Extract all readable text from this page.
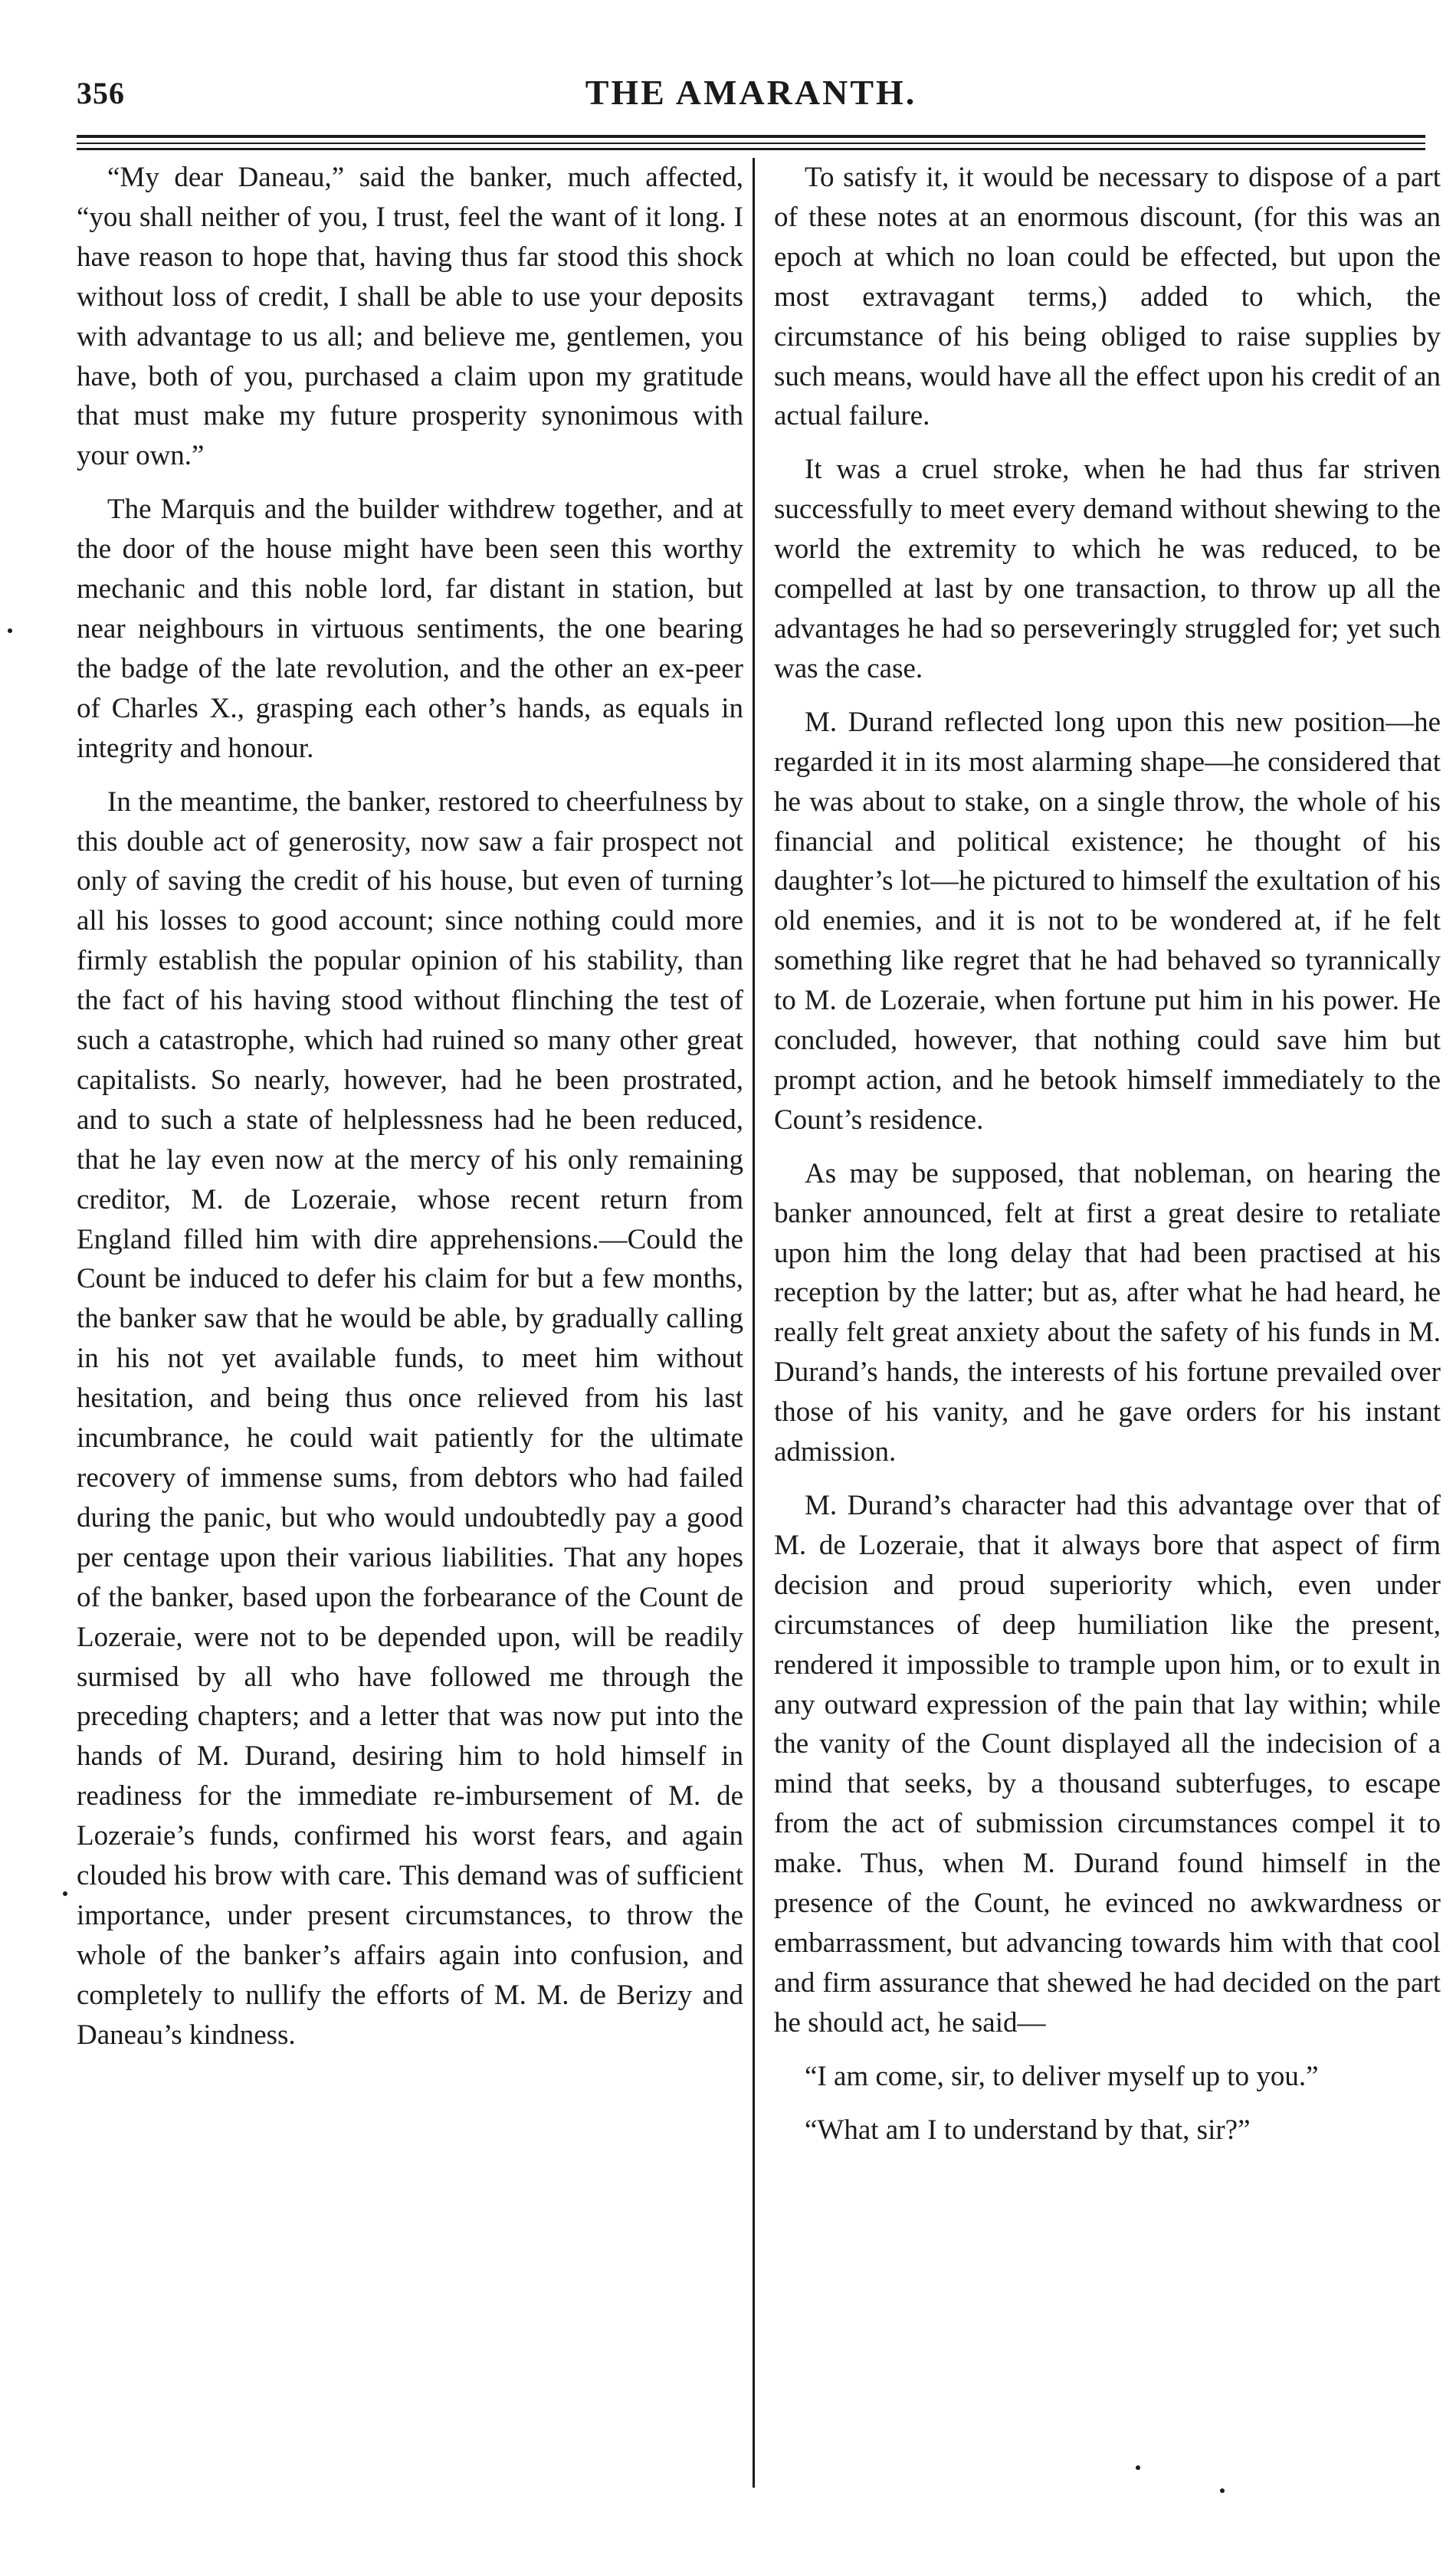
356	THE AMARANTH.

“My dear Daneau,” said the banker, much affected, “you shall neither of you, I trust, feel the want of it long. I have reason to hope that, having thus far stood this shock without loss of credit, I shall be able to use your deposits with advantage to us all; and believe me, gentlemen, you have, both of you, purchased a claim upon my gratitude that must make my future prosperity synonimous with your own.”

The Marquis and the builder withdrew together, and at the door of the house might have been seen this worthy mechanic and this noble lord, far distant in station, but near neighbours in virtuous sentiments, the one bearing the badge of the late revolution, and the other an ex-peer of Charles X., grasping each other’s hands, as equals in integrity and honour.

In the meantime, the banker, restored to cheerfulness by this double act of generosity, now saw a fair prospect not only of saving the credit of his house, but even of turning all his losses to good account; since nothing could more firmly establish the popular opinion of his stability, than the fact of his having stood without flinching the test of such a catastrophe, which had ruined so many other great capitalists. So nearly, however, had he been prostrated, and to such a state of helplessness had he been reduced, that he lay even now at the mercy of his only remaining creditor, M. de Lozeraie, whose recent return from England filled him with dire apprehensions.—Could the Count be induced to defer his claim for but a few months, the banker saw that he would be able, by gradually calling in his not yet available funds, to meet him without hesitation, and being thus once relieved from his last incumbrance, he could wait patiently for the ultimate recovery of immense sums, from debtors who had failed during the panic, but who would undoubtedly pay a good per centage upon their various liabilities. That any hopes of the banker, based upon the forbearance of the Count de Lozeraie, were not to be depended upon, will be readily surmised by all who have followed me through the preceding chapters; and a letter that was now put into the hands of M. Durand, desiring him to hold himself in readiness for the immediate re-imbursement of M. de Lozeraie’s funds, confirmed his worst fears, and again clouded his brow with care. This demand was of sufficient importance, under present circumstances, to throw the whole of the banker’s affairs again into confusion, and completely to nullify the efforts of M. M. de Berizy and Daneau’s kindness.

To satisfy it, it would be necessary to dispose of a part of these notes at an enormous discount, (for this was an epoch at which no loan could be effected, but upon the most extravagant terms,) added to which, the circumstance of his being obliged to raise supplies by such means, would have all the effect upon his credit of an actual failure.

It was a cruel stroke, when he had thus far striven successfully to meet every demand without shewing to the world the extremity to which he was reduced, to be compelled at last by one transaction, to throw up all the advantages he had so perseveringly struggled for; yet such was the case.

M. Durand reflected long upon this new position—he regarded it in its most alarming shape—he considered that he was about to stake, on a single throw, the whole of his financial and political existence; he thought of his daughter’s lot—he pictured to himself the exultation of his old enemies, and it is not to be wondered at, if he felt something like regret that he had behaved so tyrannically to M. de Lozeraie, when fortune put him in his power. He concluded, however, that nothing could save him but prompt action, and he betook himself immediately to the Count’s residence.

As may be supposed, that nobleman, on hearing the banker announced, felt at first a great desire to retaliate upon him the long delay that had been practised at his reception by the latter; but as, after what he had heard, he really felt great anxiety about the safety of his funds in M. Durand’s hands, the interests of his fortune prevailed over those of his vanity, and he gave orders for his instant admission.

M. Durand’s character had this advantage over that of M. de Lozeraie, that it always bore that aspect of firm decision and proud superiority which, even under circumstances of deep humiliation like the present, rendered it impossible to trample upon him, or to exult in any outward expression of the pain that lay within; while the vanity of the Count displayed all the indecision of a mind that seeks, by a thousand subterfuges, to escape from the act of submission circumstances compel it to make. Thus, when M. Durand found himself in the presence of the Count, he evinced no awkwardness or embarrassment, but advancing towards him with that cool and firm assurance that shewed he had decided on the part he should act, he said—

“I am come, sir, to deliver myself up to you.”

“What am I to understand by that, sir?”
